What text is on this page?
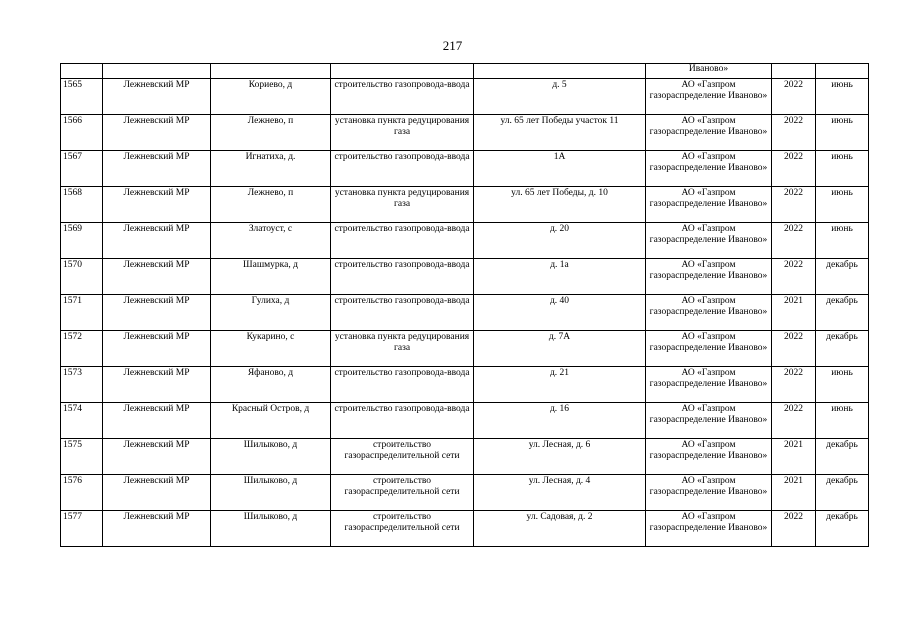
217
					Иваново»		
1565	Лежневский МР	Кориево, д	строительство газопровода-ввода	д. 5	АО «Газпром газораспределение Иваново»	2022	июнь
1566	Лежневский МР	Лежнево, п	установка пункта редуцирования газа	ул. 65 лет Победы участок 11	АО «Газпром газораспределение Иваново»	2022	июнь
1567	Лежневский МР	Игнатиха, д.	строительство газопровода-ввода	1А	АО «Газпром газораспределение Иваново»	2022	июнь
1568	Лежневский МР	Лежнево, п	установка пункта редуцирования газа	ул. 65 лет Победы, д. 10	АО «Газпром газораспределение Иваново»	2022	июнь
1569	Лежневский МР	Златоуст, с	строительство газопровода-ввода	д. 20	АО «Газпром газораспределение Иваново»	2022	июнь
1570	Лежневский МР	Шашмурка, д	строительство газопровода-ввода	д. 1а	АО «Газпром газораспределение Иваново»	2022	декабрь
1571	Лежневский МР	Гулиха, д	строительство газопровода-ввода	д. 40	АО «Газпром газораспределение Иваново»	2021	декабрь
1572	Лежневский МР	Кукарино, с	установка пункта редуцирования газа	д. 7А	АО «Газпром газораспределение Иваново»	2022	декабрь
1573	Лежневский МР	Яфаново, д	строительство газопровода-ввода	д. 21	АО «Газпром газораспределение Иваново»	2022	июнь
1574	Лежневский МР	Красный Остров, д	строительство газопровода-ввода	д. 16	АО «Газпром газораспределение Иваново»	2022	июнь
1575	Лежневский МР	Шилыково, д	строительство газораспределительной сети	ул. Лесная, д. 6	АО «Газпром газораспределение Иваново»	2021	декабрь
1576	Лежневский МР	Шилыково, д	строительство газораспределительной сети	ул. Лесная, д. 4	АО «Газпром газораспределение Иваново»	2021	декабрь
1577	Лежневский МР	Шилыково, д	строительство газораспределительной сети	ул. Садовая, д. 2	АО «Газпром газораспределение Иваново»	2022	декабрь
